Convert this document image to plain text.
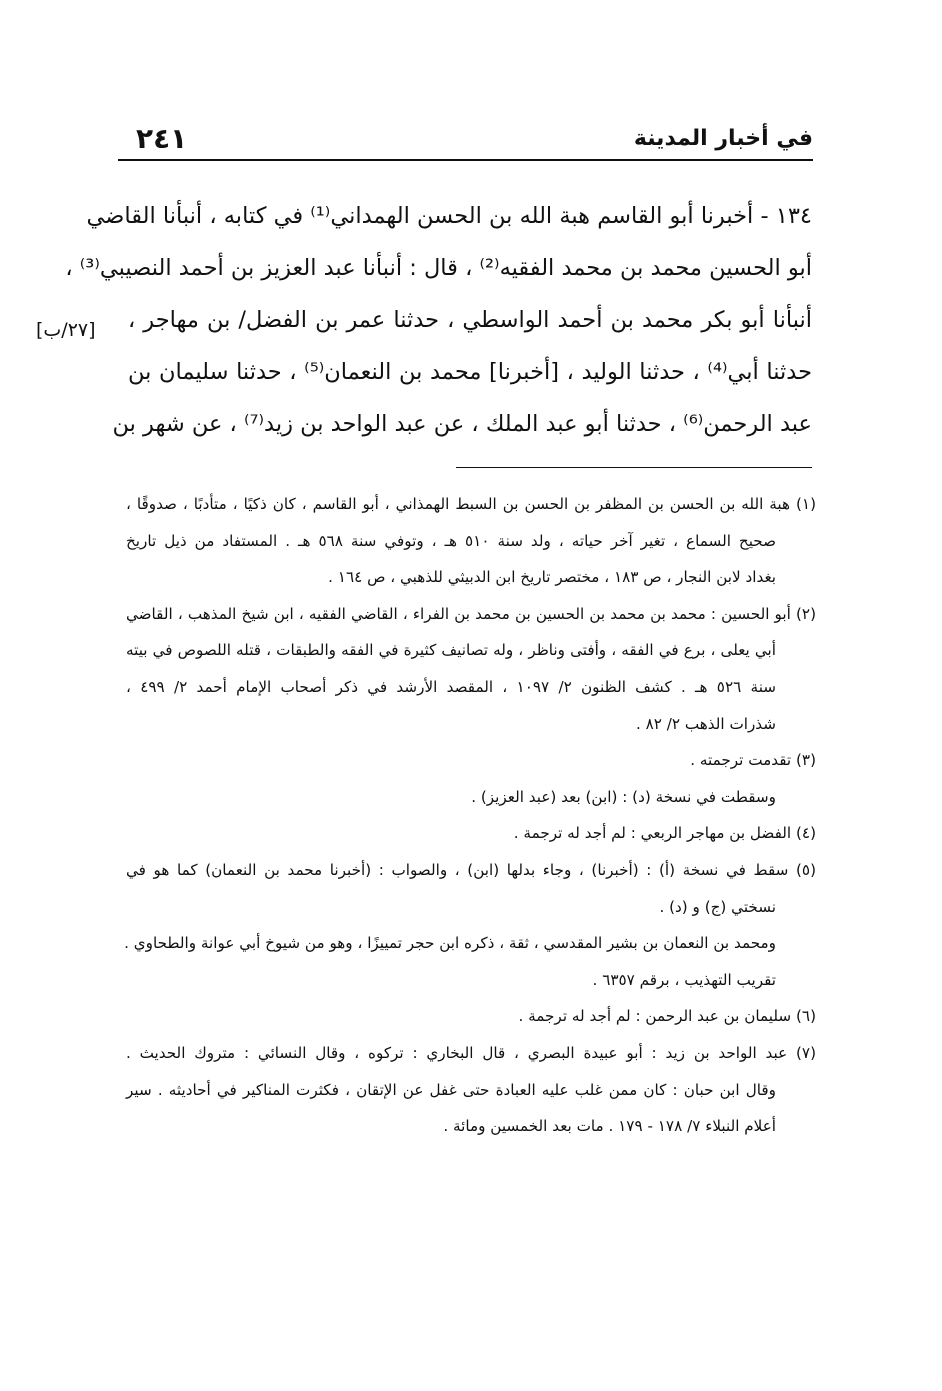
في أخبار المدينة
٢٤١
[٢٧/ب]
١٣٤ - أخبرنا أبو القاسم هبة الله بن الحسن الهمداني⁽¹⁾ في كتابه ، أنبأنا القاضي
أبو الحسين محمد بن محمد الفقيه⁽²⁾ ، قال : أنبأنا عبد العزيز بن أحمد النصيبي⁽³⁾ ،
أنبأنا أبو بكر محمد بن أحمد الواسطي ، حدثنا عمر بن الفضل/ بن مهاجر ،
حدثنا أبي⁽⁴⁾ ، حدثنا الوليد ، [أخبرنا] محمد بن النعمان⁽⁵⁾ ، حدثنا سليمان بن
عبد الرحمن⁽⁶⁾ ، حدثنا أبو عبد الملك ، عن عبد الواحد بن زيد⁽⁷⁾ ، عن شهر بن
(١) هبة الله بن الحسن بن المظفر بن الحسن بن السبط الهمذاني ، أبو القاسم ، كان ذكيًا ، متأدبًا ، صدوقًا ،
صحيح السماع ، تغير آخر حياته ، ولد سنة ٥١٠ هـ ، وتوفي سنة ٥٦٨ هـ . المستفاد من ذيل تاريخ
بغداد لابن النجار ، ص ١٨٣ ، مختصر تاريخ ابن الدبيثي للذهبي ، ص ١٦٤ .
(٢) أبو الحسين : محمد بن محمد بن الحسين بن محمد بن الفراء ، القاضي الفقيه ، ابن شيخ المذهب ، القاضي
أبي يعلى ، برع في الفقه ، وأفتى وناظر ، وله تصانيف كثيرة في الفقه والطبقات ، قتله اللصوص في بيته
سنة ٥٢٦ هـ . كشف الظنون ٢/ ١٠٩٧ ، المقصد الأرشد في ذكر أصحاب الإمام أحمد ٢/ ٤٩٩ ،
شذرات الذهب ٢/ ٨٢ .
(٣) تقدمت ترجمته .
وسقطت في نسخة (د) : (ابن) بعد (عبد العزيز) .
(٤) الفضل بن مهاجر الربعي : لم أجد له ترجمة .
(٥) سقط في نسخة (أ) : (أخبرنا) ، وجاء بدلها (ابن) ، والصواب : (أخبرنا محمد بن النعمان) كما هو في
نسختي (ج) و (د) .
ومحمد بن النعمان بن بشير المقدسي ، ثقة ، ذكره ابن حجر تمييزًا ، وهو من شيوخ أبي عوانة والطحاوي .
تقريب التهذيب ، برقم ٦٣٥٧ .
(٦) سليمان بن عبد الرحمن : لم أجد له ترجمة .
(٧) عبد الواحد بن زيد : أبو عبيدة البصري ، قال البخاري : تركوه ، وقال النسائي : متروك الحديث .
وقال ابن حبان : كان ممن غلب عليه العبادة حتى غفل عن الإتقان ، فكثرت المناكير في أحاديثه . سير
أعلام النبلاء ٧/ ١٧٨ - ١٧٩ . مات بعد الخمسين ومائة .
